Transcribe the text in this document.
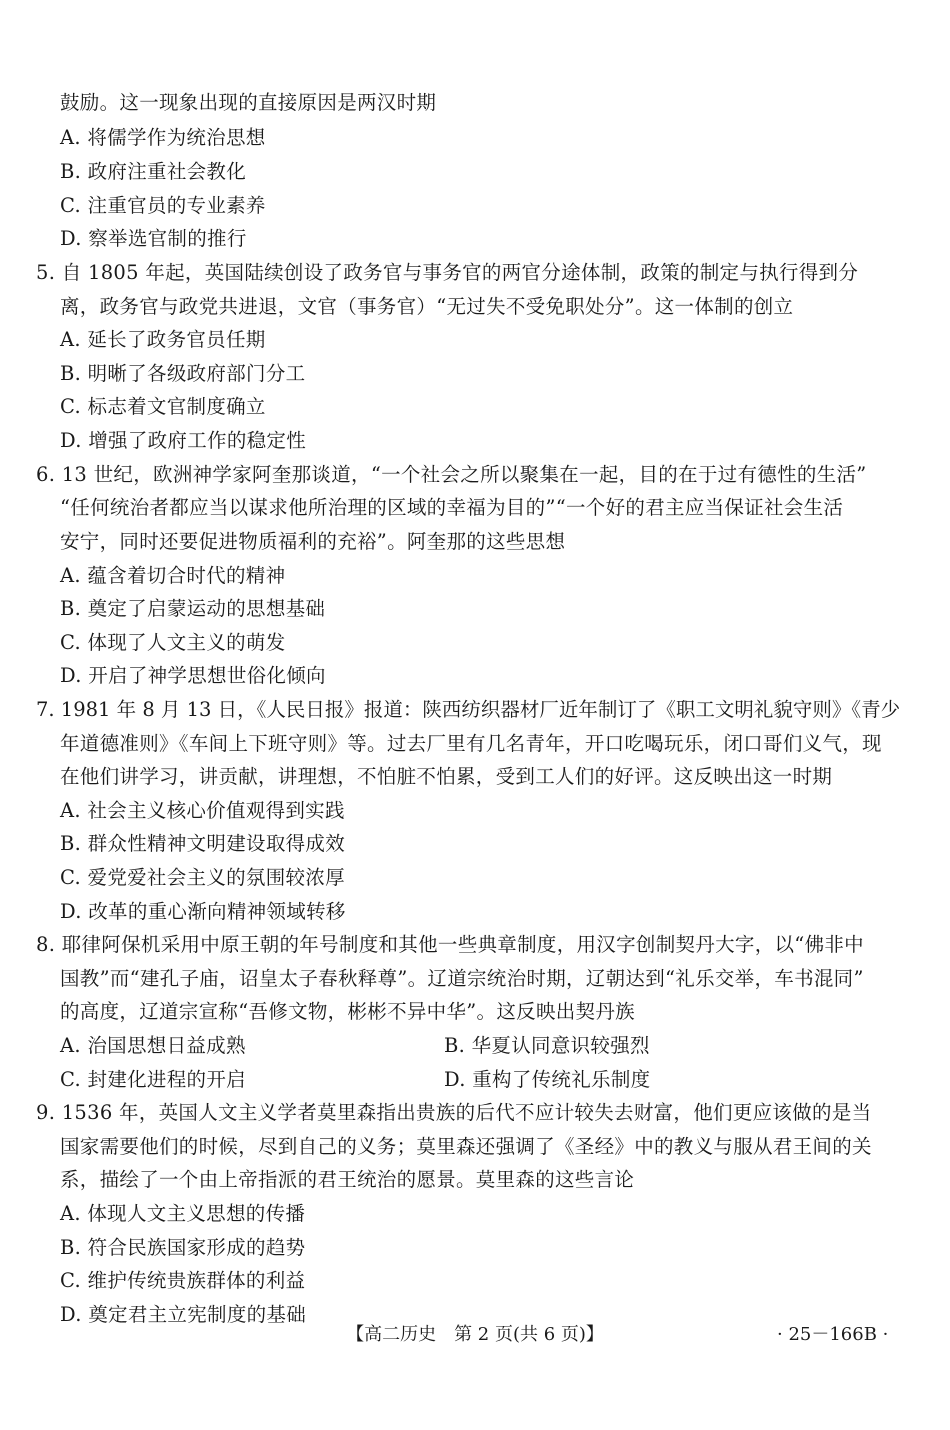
鼓励。这一现象出现的直接原因是两汉时期
A. 将儒学作为统治思想
B. 政府注重社会教化
C. 注重官员的专业素养
D. 察举选官制的推行
5. 自 1805 年起，英国陆续创设了政务官与事务官的两官分途体制，政策的制定与执行得到分
离，政务官与政党共进退，文官（事务官）“无过失不受免职处分”。这一体制的创立
A. 延长了政务官员任期
B. 明晰了各级政府部门分工
C. 标志着文官制度确立
D. 增强了政府工作的稳定性
6. 13 世纪，欧洲神学家阿奎那谈道，“一个社会之所以聚集在一起，目的在于过有德性的生活”
“任何统治者都应当以谋求他所治理的区域的幸福为目的”“一个好的君主应当保证社会生活
安宁，同时还要促进物质福利的充裕”。阿奎那的这些思想
A. 蕴含着切合时代的精神
B. 奠定了启蒙运动的思想基础
C. 体现了人文主义的萌发
D. 开启了神学思想世俗化倾向
7. 1981 年 8 月 13 日，《人民日报》报道：陕西纺织器材厂近年制订了《职工文明礼貌守则》《青少
年道德准则》《车间上下班守则》等。过去厂里有几名青年，开口吃喝玩乐，闭口哥们义气，现
在他们讲学习，讲贡献，讲理想，不怕脏不怕累，受到工人们的好评。这反映出这一时期
A. 社会主义核心价值观得到实践
B. 群众性精神文明建设取得成效
C. 爱党爱社会主义的氛围较浓厚
D. 改革的重心渐向精神领域转移
8. 耶律阿保机采用中原王朝的年号制度和其他一些典章制度，用汉字创制契丹大字，以“佛非中
国教”而“建孔子庙，诏皇太子春秋释尊”。辽道宗统治时期，辽朝达到“礼乐交举，车书混同”
的高度，辽道宗宣称“吾修文物，彬彬不异中华”。这反映出契丹族
A. 治国思想日益成熟	B. 华夏认同意识较强烈
C. 封建化进程的开启	D. 重构了传统礼乐制度
9. 1536 年，英国人文主义学者莫里森指出贵族的后代不应计较失去财富，他们更应该做的是当
国家需要他们的时候，尽到自己的义务；莫里森还强调了《圣经》中的教义与服从君王间的关
系，描绘了一个由上帝指派的君王统治的愿景。莫里森的这些言论
A. 体现人文主义思想的传播
B. 符合民族国家形成的趋势
C. 维护传统贵族群体的利益
D. 奠定君主立宪制度的基础
【高二历史　第 2 页(共 6 页)】	· 25－166B ·
